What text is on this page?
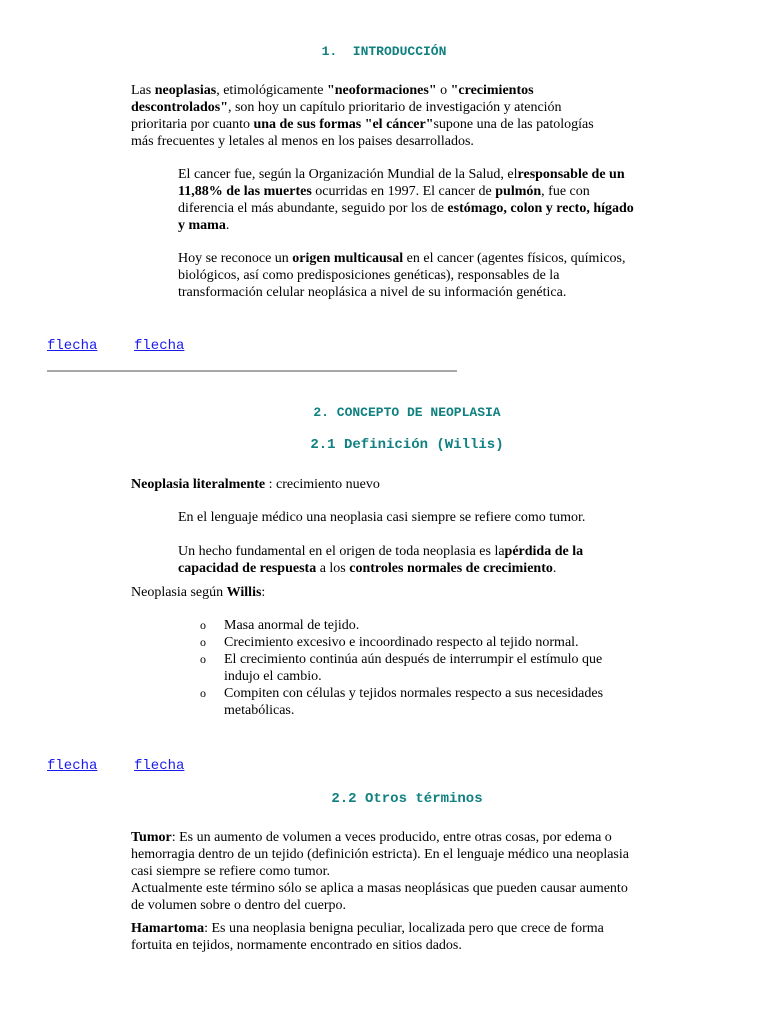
1.  INTRODUCCIÓN

Las neoplasias, etimológicamente "neoformaciones" o "crecimientos descontrolados", son hoy un capítulo prioritario de investigación y atención prioritaria por cuanto una de sus formas "el cáncer"supone una de las patologías más frecuentes y letales al menos en los paises desarrollados.

El cancer fue, según la Organización Mundial de la Salud, elresponsable de un 11,88% de las muertes ocurridas en 1997. El cancer de pulmón, fue con diferencia el más abundante, seguido por los de estómago, colon y recto, hígado y mama.

Hoy se reconoce un origen multicausal en el cancer (agentes físicos, químicos, biológicos, así como predisposiciones genéticas), responsables de la transformación celular neoplásica a nivel de su información genética.

flecha	flecha
2. CONCEPTO DE NEOPLASIA
2.1 Definición (Willis)

Neoplasia literalmente : crecimiento nuevo

En el lenguaje médico una neoplasia casi siempre se refiere como tumor.

Un hecho fundamental en el origen de toda neoplasia es lapérdida de la capacidad de respuesta a los controles normales de crecimiento.

Neoplasia según Willis:

o Masa anormal de tejido.
o Crecimiento excesivo e incoordinado respecto al tejido normal.
o El crecimiento continúa aún después de interrumpir el estímulo que indujo el cambio.
o Compiten con células y tejidos normales respecto a sus necesidades metabólicas.
flecha	flecha
2.2 Otros términos

Tumor: Es un aumento de volumen a veces producido, entre otras cosas, por edema o hemorragia dentro de un tejido (definición estricta). En el lenguaje médico una neoplasia casi siempre se refiere como tumor.
Actualmente este término sólo se aplica a masas neoplásicas que pueden causar aumento de volumen sobre o dentro del cuerpo.

Hamartoma: Es una neoplasia benigna peculiar, localizada pero que crece de forma fortuita en tejidos, normamente encontrado en sitios dados.
